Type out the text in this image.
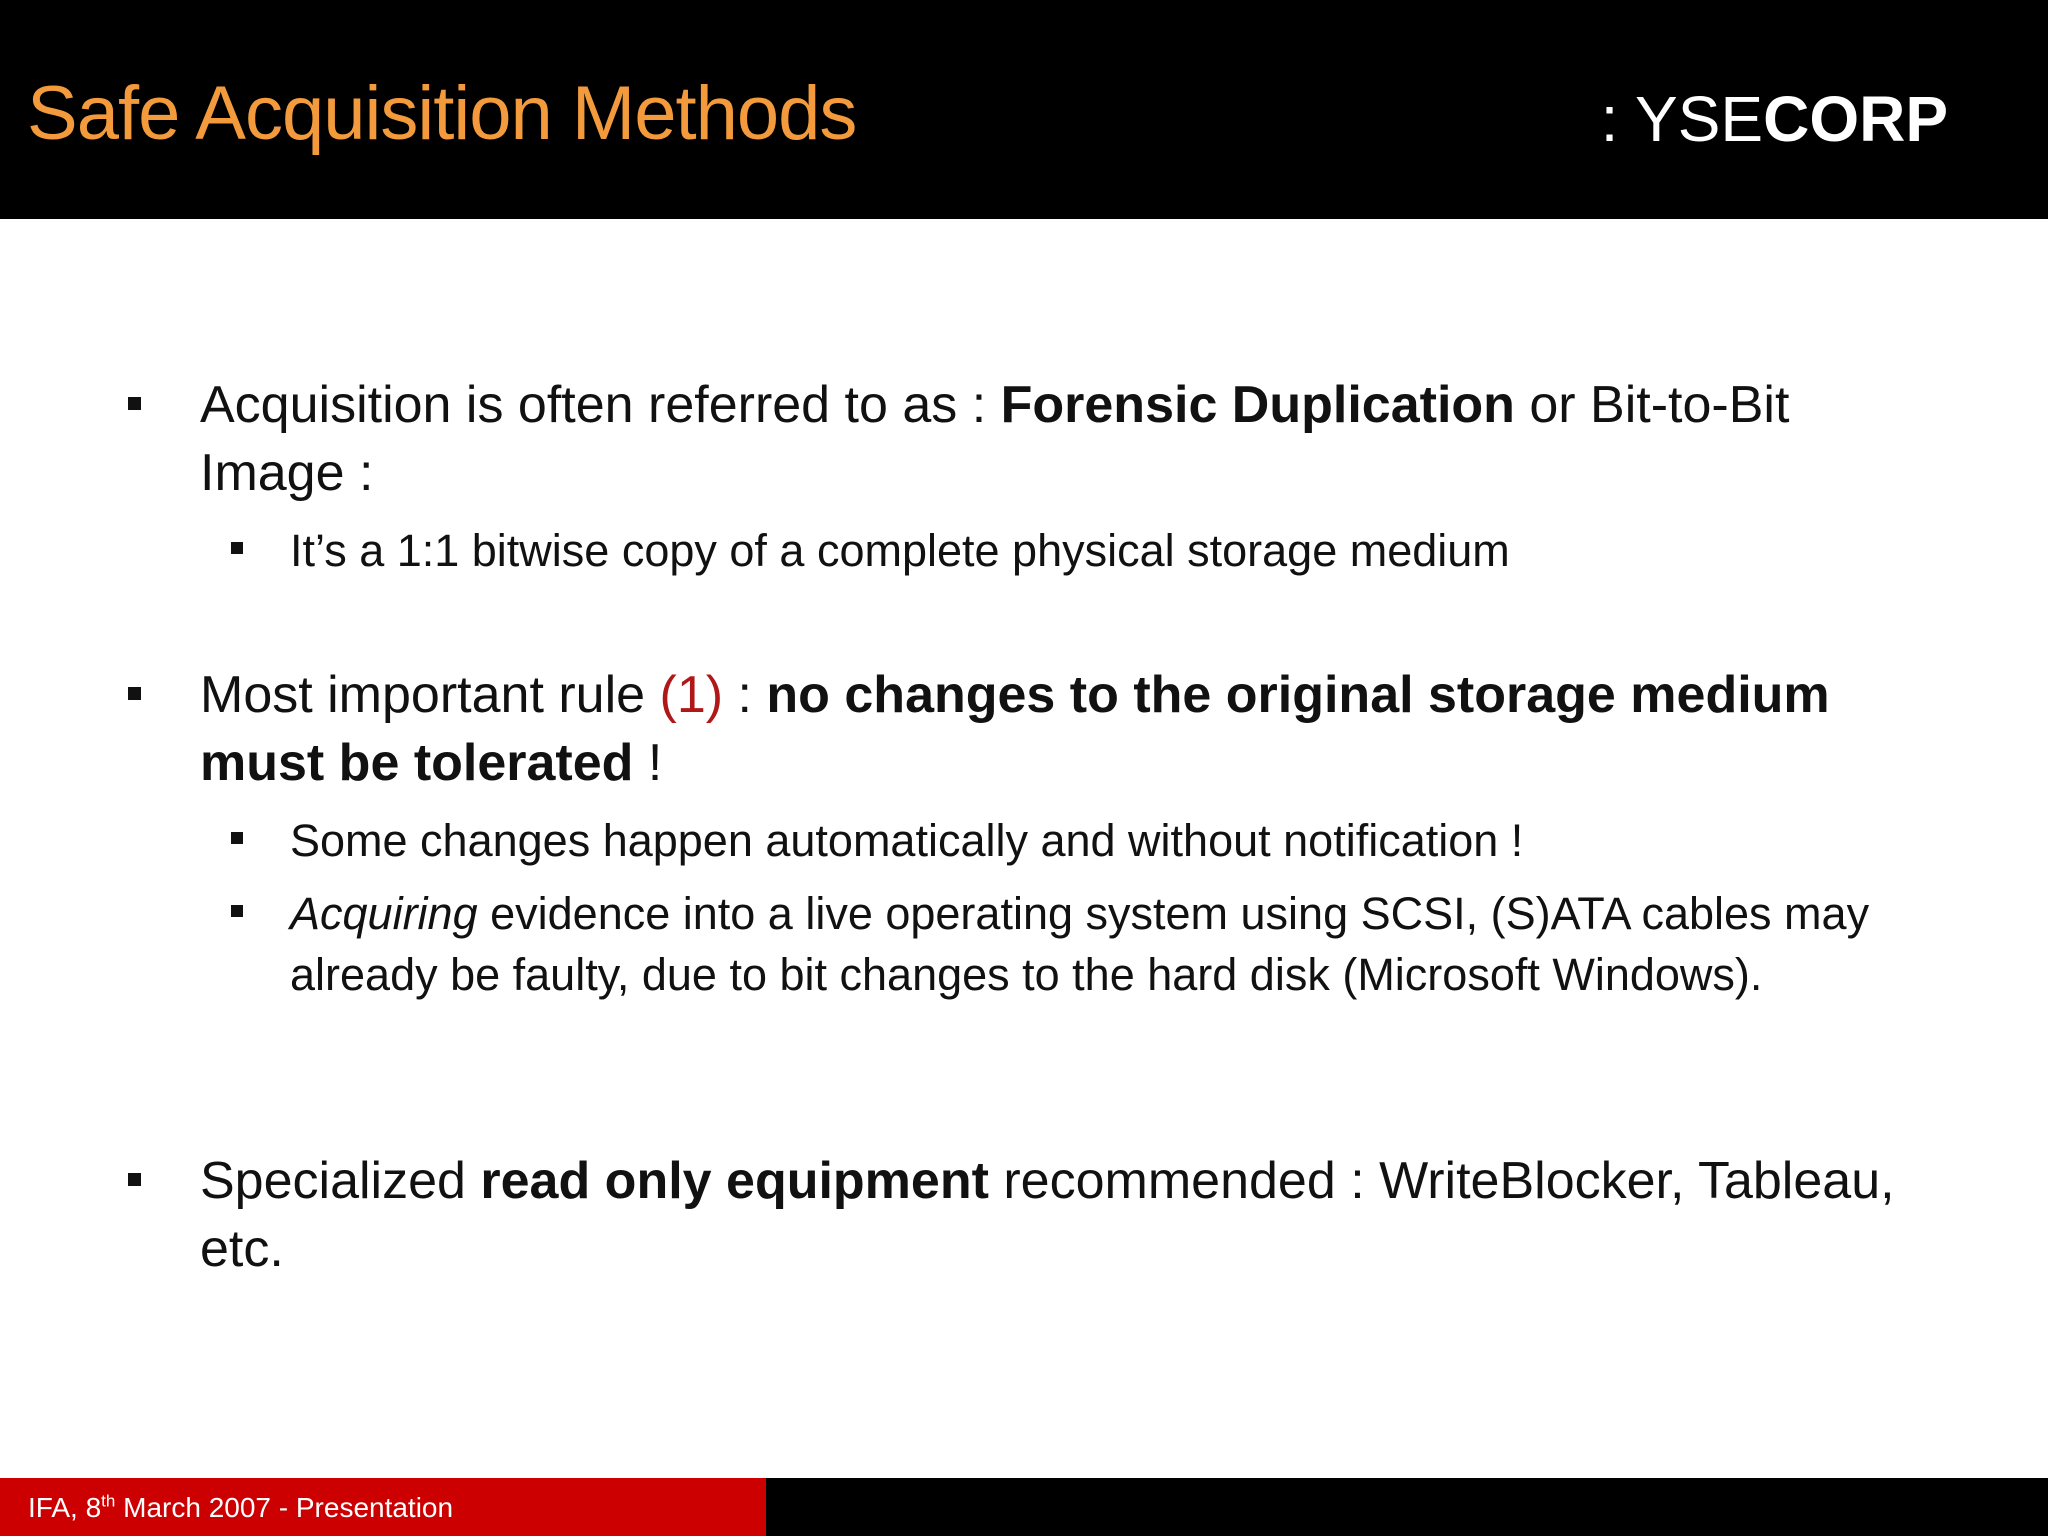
Safe Acquisition Methods	: YSECORP
Acquisition is often referred to as : Forensic Duplication or Bit-to-Bit Image :
It’s a 1:1 bitwise copy of a complete physical storage medium
Most important rule (1) : no changes to the original storage medium must be tolerated !
Some changes happen automatically and without notification !
Acquiring evidence into a live operating system using SCSI, (S)ATA cables may already be faulty, due to bit changes to the hard disk (Microsoft Windows).
Specialized read only equipment recommended : WriteBlocker, Tableau, etc.
IFA, 8th March 2007 - Presentation
